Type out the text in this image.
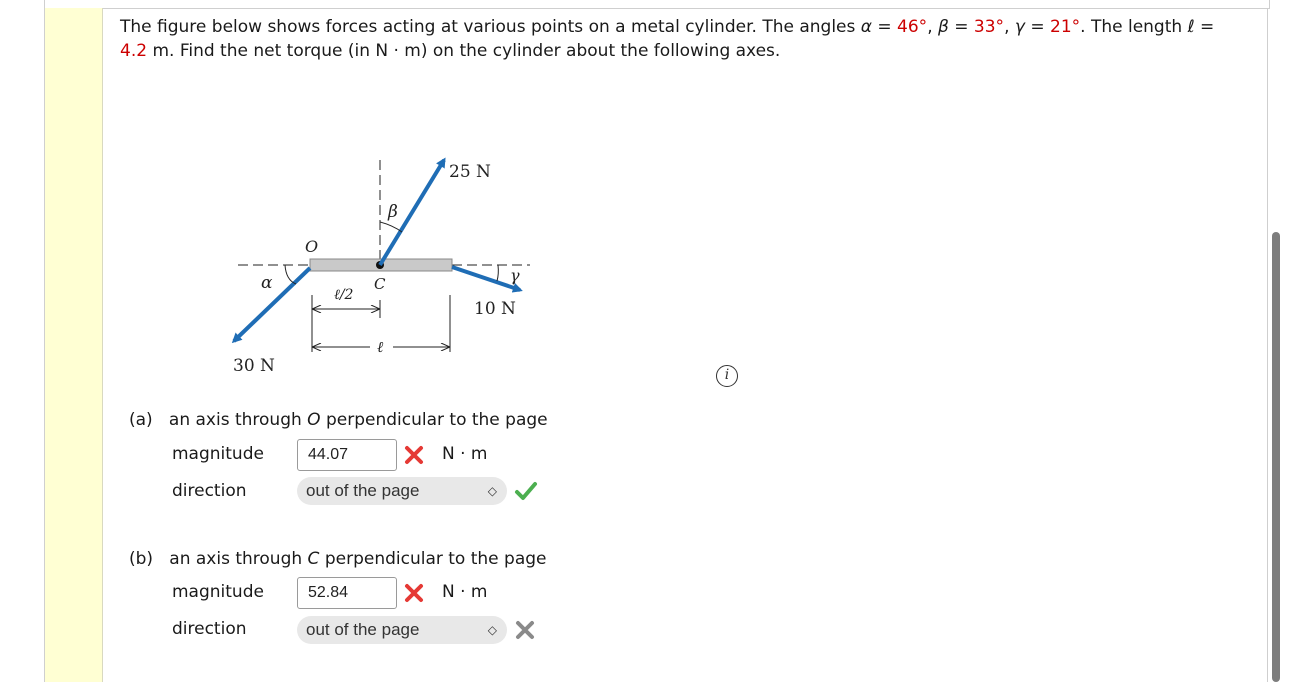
The figure below shows forces acting at various points on a metal cylinder. The angles α = 46°, β = 33°, γ = 21°. The length ℓ = 4.2 m. Find the net torque (in N · m) on the cylinder about the following axes.
25 N
10 N
30 N
O
C
β
α	γ
ℓ/2
ℓ
i
(a) an axis through O perpendicular to the page
magnitude	44.07	N · m
direction	out of the page	◇
(b) an axis through C perpendicular to the page
magnitude	52.84	N · m
direction	out of the page	◇
